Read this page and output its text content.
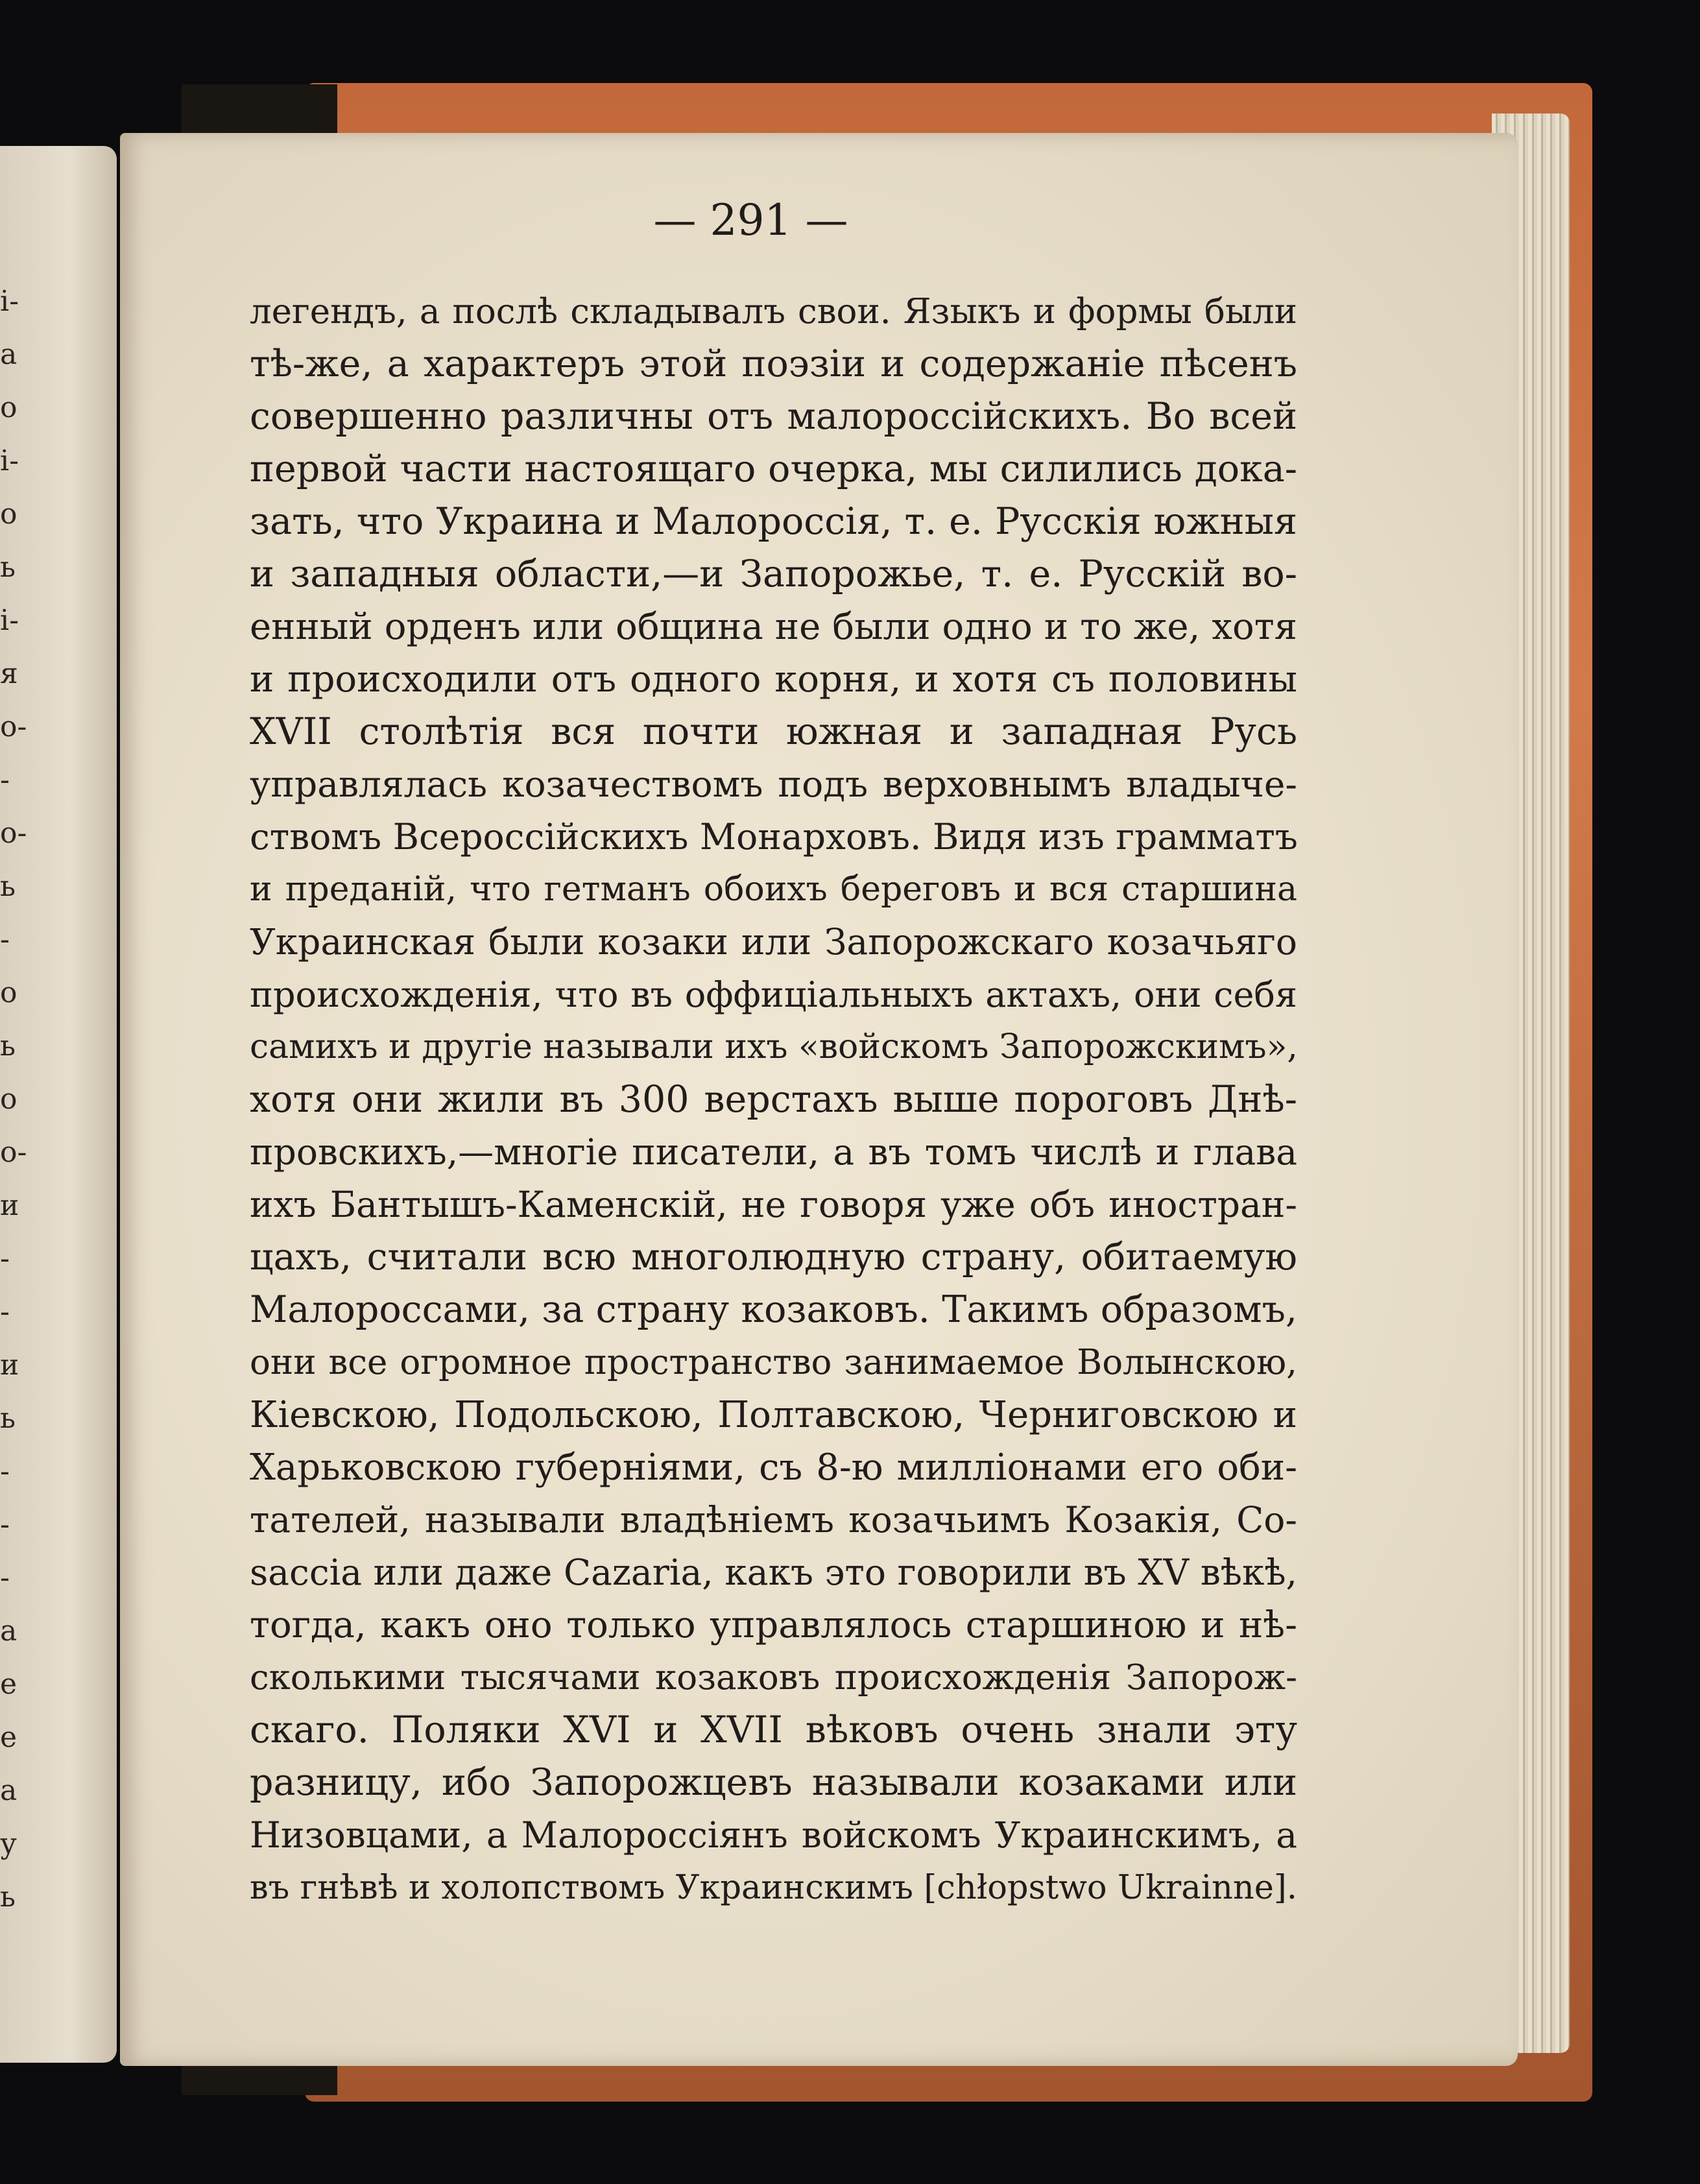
і-
а
о
і-
о
ь
і-
я
о-
-
о-
ь
-
о
ь
о
о-
и
-
-
и
ь
-
-
-
а
е
е
а
у
ь
— 291 —
легендъ, а послѣ складывалъ свои. Языкъ и формы были
тѣ-же, а характеръ этой поэзіи и содержаніе пѣсенъ
совершенно различны отъ малороссійскихъ. Во всей
первой части настоящаго очерка, мы силились дока-
зать, что Украина и Малороссія, т. е. Русскія южныя
и западныя области,—и Запорожье, т. е. Русскій во-
енный орденъ или община не были одно и то же, хотя
и происходили отъ одного корня, и хотя съ половины
XVII столѣтія вся почти южная и западная Русь
управлялась козачествомъ подъ верховнымъ владыче-
ствомъ Всероссійскихъ Монарховъ. Видя изъ грамматъ
и преданій, что гетманъ обоихъ береговъ и вся старшина
Украинская были козаки или Запорожскаго козачьяго
происхожденія, что въ оффиціальныхъ актахъ, они себя
самихъ и другіе называли ихъ «войскомъ Запорожскимъ»,
хотя они жили въ 300 верстахъ выше пороговъ Днѣ-
провскихъ,—многіе писатели, а въ томъ числѣ и глава
ихъ Бантышъ-Каменскій, не говоря уже объ иностран-
цахъ, считали всю многолюдную страну, обитаемую
Малороссами, за страну козаковъ. Такимъ образомъ,
они все огромное пространство занимаемое Волынскою,
Кіевскою, Подольскою, Полтавскою, Черниговскою и
Харьковскою губерніями, съ 8-ю милліонами его оби-
тателей, называли владѣніемъ козачьимъ Козакія, Co-
saccia или даже Cazaria, какъ это говорили въ XV вѣкѣ,
тогда, какъ оно только управлялось старшиною и нѣ-
сколькими тысячами козаковъ происхожденія Запорож-
скаго. Поляки XVI и XVII вѣковъ очень знали эту
разницу, ибо Запорожцевъ называли козаками или
Низовцами, а Малороссіянъ войскомъ Украинскимъ, а
въ гнѣвѣ и холопствомъ Украинскимъ [chłopstwo Ukrainne].
